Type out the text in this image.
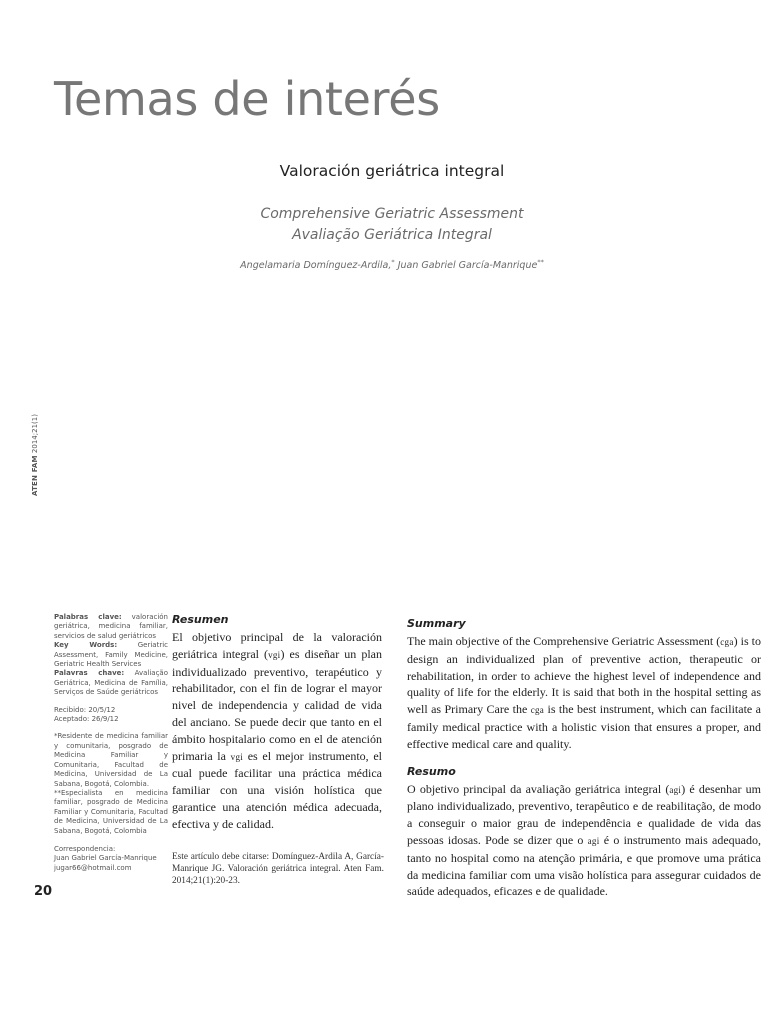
Temas de interés
Valoración geriátrica integral
Comprehensive Geriatric Assessment
Avaliação Geriátrica Integral
Angelamaria Domínguez-Ardila,* Juan Gabriel García-Manrique**
ATEN FAM 2014;21(1)

Palabras clave: valoración geriátrica, medicina familiar, servicios de salud geriátricos

Key Words: Geriatric Assessment, Family Medicine, Geriatric Health Services

Palavras chave: Avaliação Geriátrica, Medicina de Família, Serviços de Saúde geriátricos

Recibido: 20/5/12

Aceptado: 26/9/12

*Residente de medicina familiar y comunitaria, posgrado de Medicina Familiar y Comunitaria, Facultad de Medicina, Universidad de La Sabana, Bogotá, Colombia.

**Especialista en medicina familiar, posgrado de Medicina Familiar y Comunitaria, Facultad de Medicina, Universidad de La Sabana, Bogotá, Colombia

Correspondencia:

Juan Gabriel García-Manrique

jugar66@hotmail.com

Resumen

El objetivo principal de la valoración geriátrica integral (vgi) es diseñar un plan individualizado preventivo, terapéutico y rehabilitador, con el fin de lograr el mayor nivel de independencia y calidad de vida del anciano. Se puede decir que tanto en el ámbito hospitalario como en el de atención primaria la vgi es el mejor instrumento, el cual puede facilitar una práctica médica familiar con una visión holística que garantice una atención médica adecuada, efectiva y de calidad.

Summary

The main objective of the Comprehensive Geriatric Assessment (cga) is to design an individualized plan of preventive action, therapeutic or rehabilitation, in order to achieve the highest level of independence and quality of life for the elderly. It is said that both in the hospital setting as well as Primary Care the cga is the best instrument, which can facilitate a family medical practice with a holistic vision that ensures a proper, and effective medical care and quality.

Resumo

O objetivo principal da avaliação geriátrica integral (agi) é desenhar um plano individualizado, preventivo, terapêutico e de reabilitação, de modo a conseguir o maior grau de independência e qualidade de vida das pessoas idosas. Pode se dizer que o agi é o instrumento mais adequado, tanto no hospital como na atenção primária, e que promove uma prática da medicina familiar com uma visão holística para assegurar cuidados de saúde adequados, eficazes e de qualidade.

Este artículo debe citarse: Domínguez-Ardila A, García-Manrique JG. Valoración geriátrica integral. Aten Fam. 2014;21(1):20-23.
20
